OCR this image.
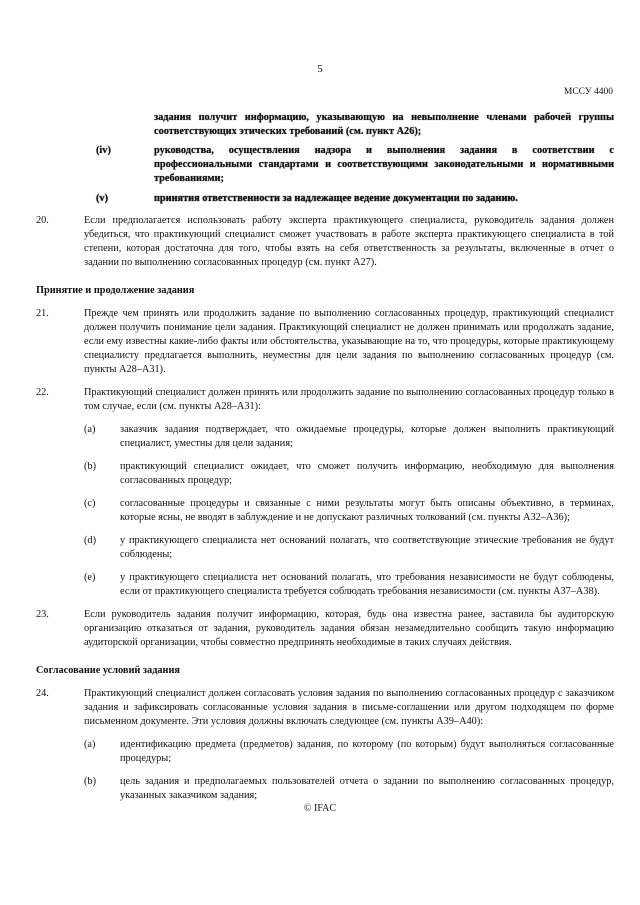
5
МССУ 4400
задания получит информацию, указывающую на невыполнение членами рабочей группы соответствующих этических требований (см. пункт А26);
(iv)	руководства, осуществления надзора и выполнения задания в соответствии с профессиональными стандартами и соответствующими законодательными и нормативными требованиями;
(v)	принятия ответственности за надлежащее ведение документации по заданию.
20.	Если предполагается использовать работу эксперта практикующего специалиста, руководитель задания должен убедиться, что практикующий специалист сможет участвовать в работе эксперта практикующего специалиста в той степени, которая достаточна для того, чтобы взять на себя ответственность за результаты, включенные в отчет о задании по выполнению согласованных процедур (см. пункт А27).
Принятие и продолжение задания
21.	Прежде чем принять или продолжить задание по выполнению согласованных процедур, практикующий специалист должен получить понимание цели задания. Практикующий специалист не должен принимать или продолжать задание, если ему известны какие-либо факты или обстоятельства, указывающие на то, что процедуры, которые практикующему специалисту предлагается выполнить, неуместны для цели задания по выполнению согласованных процедур (см. пункты А28–А31).
22.	Практикующий специалист должен принять или продолжить задание по выполнению согласованных процедур только в том случае, если (см. пункты А28–А31):
(a) заказчик задания подтверждает, что ожидаемые процедуры, которые должен выполнить практикующий специалист, уместны для цели задания;
(b) практикующий специалист ожидает, что сможет получить информацию, необходимую для выполнения согласованных процедур;
(c) согласованные процедуры и связанные с ними результаты могут быть описаны объективно, в терминах, которые ясны, не вводят в заблуждение и не допускают различных толкований (см. пункты А32–А36);
(d) у практикующего специалиста нет оснований полагать, что соответствующие этические требования не будут соблюдены;
(e) у практикующего специалиста нет оснований полагать, что требования независимости не будут соблюдены, если от практикующего специалиста требуется соблюдать требования независимости (см. пункты А37–А38).
23.	Если руководитель задания получит информацию, которая, будь она известна ранее, заставила бы аудиторскую организацию отказаться от задания, руководитель задания обязан незамедлительно сообщить такую информацию аудиторской организации, чтобы совместно предпринять необходимые в таких случаях действия.
Согласование условий задания
24.	Практикующий специалист должен согласовать условия задания по выполнению согласованных процедур с заказчиком задания и зафиксировать согласованные условия задания в письме-соглашении или другом подходящем по форме письменном документе. Эти условия должны включать следующее (см. пункты А39–А40):
(a) идентификацию предмета (предметов) задания, по которому (по которым) будут выполняться согласованные процедуры;
(b) цель задания и предполагаемых пользователей отчета о задании по выполнению согласованных процедур, указанных заказчиком задания;
© IFAC
